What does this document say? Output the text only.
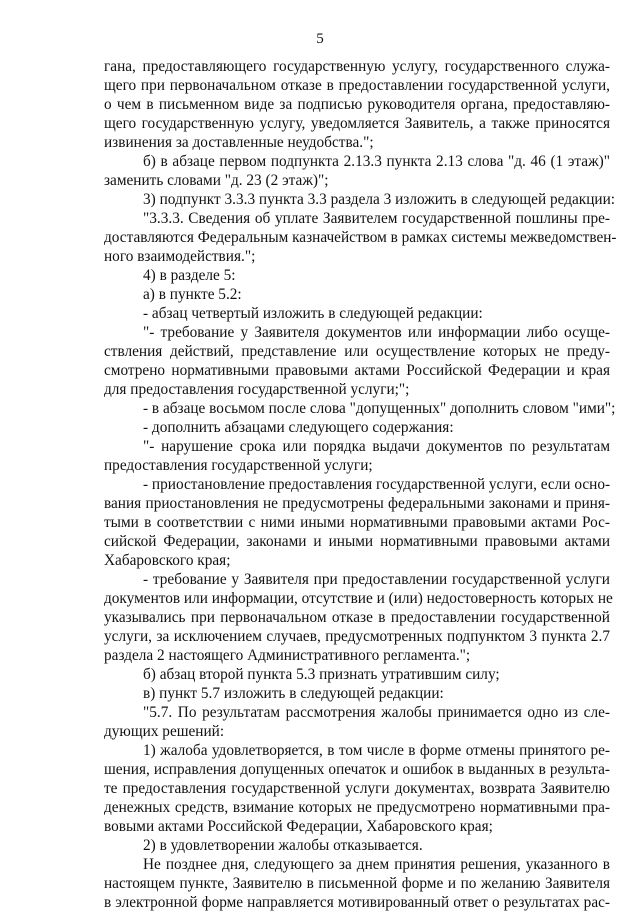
5
гана, предоставляющего государственную услугу, государственного служа-
щего при первоначальном отказе в предоставлении государственной услуги,
о чем в письменном виде за подписью руководителя органа, предоставляю-
щего государственную услугу, уведомляется Заявитель, а также приносятся
извинения за доставленные неудобства.";
б) в абзаце первом подпункта 2.13.3 пункта 2.13 слова "д. 46 (1 этаж)"
заменить словами "д. 23 (2 этаж)";
3) подпункт 3.3.3 пункта 3.3 раздела 3 изложить в следующей редакции:
"3.3.3. Сведения об уплате Заявителем государственной пошлины пре-
доставляются Федеральным казначейством в рамках системы межведомствен-
ного взаимодействия.";
4) в разделе 5:
а) в пункте 5.2:
- абзац четвертый изложить в следующей редакции:
"- требование у Заявителя документов или информации либо осуще-
ствления действий, представление или осуществление которых не преду-
смотрено нормативными правовыми актами Российской Федерации и края
для предоставления государственной услуги;";
- в абзаце восьмом после слова "допущенных" дополнить словом "ими";
- дополнить абзацами следующего содержания:
"- нарушение срока или порядка выдачи документов по результатам
предоставления государственной услуги;
- приостановление предоставления государственной услуги, если осно-
вания приостановления не предусмотрены федеральными законами и приня-
тыми в соответствии с ними иными нормативными правовыми актами Рос-
сийской Федерации, законами и иными нормативными правовыми актами
Хабаровского края;
- требование у Заявителя при предоставлении государственной услуги
документов или информации, отсутствие и (или) недостоверность которых не
указывались при первоначальном отказе в предоставлении государственной
услуги, за исключением случаев, предусмотренных подпунктом 3 пункта 2.7
раздела 2 настоящего Административного регламента.";
б) абзац второй пункта 5.3 признать утратившим силу;
в) пункт 5.7 изложить в следующей редакции:
"5.7. По результатам рассмотрения жалобы принимается одно из сле-
дующих решений:
1) жалоба удовлетворяется, в том числе в форме отмены принятого ре-
шения, исправления допущенных опечаток и ошибок в выданных в результа-
те предоставления государственной услуги документах, возврата Заявителю
денежных средств, взимание которых не предусмотрено нормативными пра-
вовыми актами Российской Федерации, Хабаровского края;
2) в удовлетворении жалобы отказывается.
Не позднее дня, следующего за днем принятия решения, указанного в
настоящем пункте, Заявителю в письменной форме и по желанию Заявителя
в электронной форме направляется мотивированный ответ о результатах рас-
